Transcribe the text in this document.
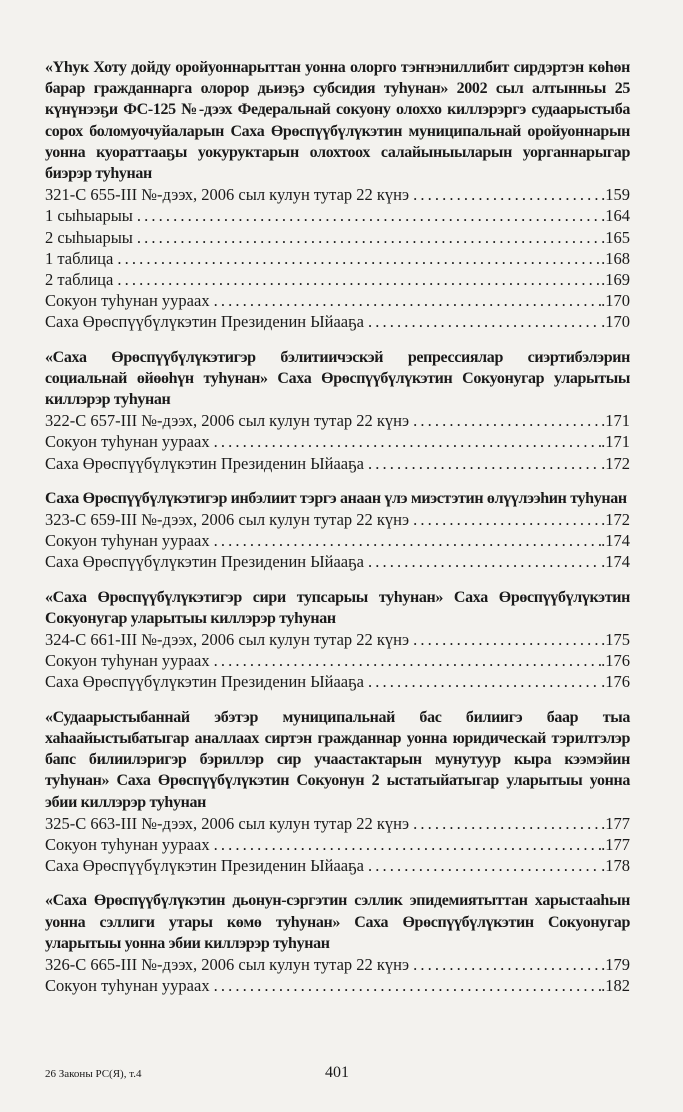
«Үһук Хоту дойду оройуоннарыттан уонна олорго тэҥнэниллибит сирдэртэн көһөн барар гражданнарга олорор дьиэҕэ субсидия туһунан» 2002 сыл алтынньы 25 күнүнээҕи ФС-125 №-дээх Федеральнай сокуону олоххо киллэрэргэ судаарыстыба сорох боломуочуйаларын Саха Өрөспүүбүлүкэтин муниципальнай оройуоннарын уонна куораттааҕы уокуруктарын олохтоох салайыныыларын уорганнарыгар биэрэр туһунан
321-С 655-III №-дээх, 2006 сыл кулун тутар 22 күнэ . . .	.159
1 сыһыарыы . . .	.164
2 сыһыарыы . . .	.165
1 таблица . . .	.168
2 таблица . . .	.169
Сокуон туһунан уураах . . .	.170
Саха Өрөспүүбүлүкэтин Президенин Ыйааҕа . . .	.170
«Саха Өрөспүүбүлүкэтигэр бэлитиичэскэй репрессиялар сиэртибэлэрин социальнай өйөөһүн туһунан» Саха Өрөспүүбүлүкэтин Сокуонугар уларытыы киллэрэр туһунан
322-С 657-III №-дээх, 2006 сыл кулун тутар 22 күнэ . . .	.171
Сокуон туһунан уураах . . .	.171
Саха Өрөспүүбүлүкэтин Президенин Ыйааҕа . . .	.172
Саха Өрөспүүбүлүкэтигэр инбэлиит тэргэ анаан үлэ миэстэтин өлүүлээһин туһунан
323-С 659-III №-дээх, 2006 сыл кулун тутар 22 күнэ . . .	.172
Сокуон туһунан уураах . . .	.174
Саха Өрөспүүбүлүкэтин Президенин Ыйааҕа . . .	.174
«Саха Өрөспүүбүлүкэтигэр сири тупсарыы туһунан» Саха Өрөспүүбүлүкэтин Сокуонугар уларытыы киллэрэр туһунан
324-С 661-III №-дээх, 2006 сыл кулун тутар 22 күнэ . . .	.175
Сокуон туһунан уураах . . .	.176
Саха Өрөспүүбүлүкэтин Президенин Ыйааҕа . . .	.176
«Судаарыстыбаннай эбэтэр муниципальнай бас билиигэ баар тыа хаһаайыстыбатыгар аналлаах сиртэн гражданнар уонна юридическай тэрилтэлэр бапс билиилэригэр бэриллэр сир учаастактарын мунутуур кыра кээмэйин туһунан» Саха Өрөспүүбүлүкэтин Сокуонун 2 ыстатыйатыгар уларытыы уонна эбии киллэрэр туһунан
325-С 663-III №-дээх, 2006 сыл кулун тутар 22 күнэ . . .	.177
Сокуон туһунан уураах . . .	.177
Саха Өрөспүүбүлүкэтин Президенин Ыйааҕа . . .	.178
«Саха Өрөспүүбүлүкэтин дьонун-сэргэтин сэллик эпидемиятыттан харыстааһын уонна сэллиги утары көмө туһунан» Саха Өрөспүүбүлүкэтин Сокуонугар уларытыы уонна эбии киллэрэр туһунан
326-С 665-III №-дээх, 2006 сыл кулун тутар 22 күнэ . . .	.179
Сокуон туһунан уураах . . .	.182
26 Законы РС(Я), т.4	401
